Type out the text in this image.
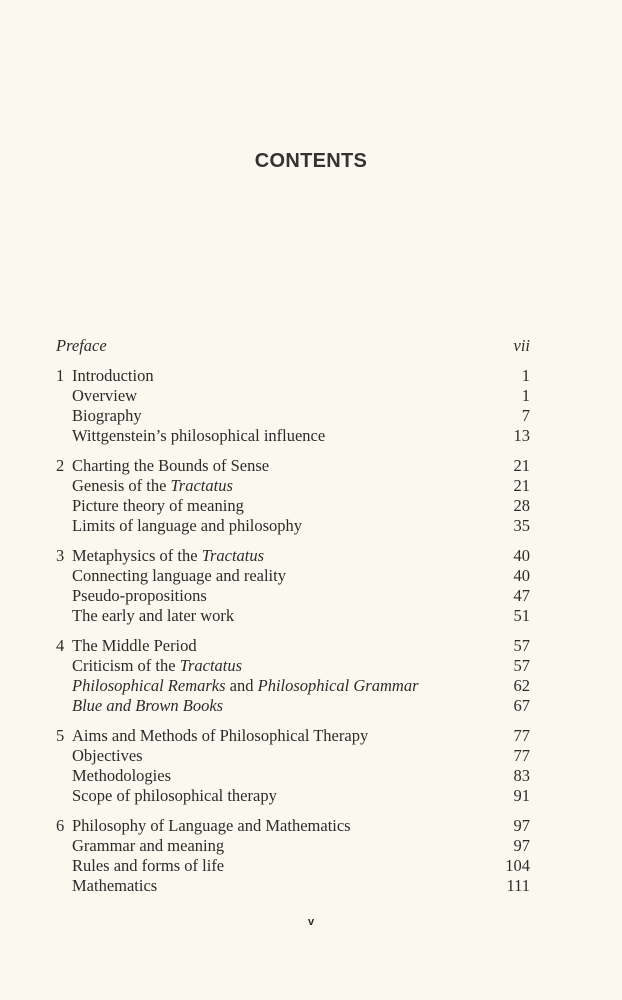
CONTENTS
Preface	vii
1 Introduction	1
Overview	1
Biography	7
Wittgenstein’s philosophical influence	13
2 Charting the Bounds of Sense	21
Genesis of the Tractatus	21
Picture theory of meaning	28
Limits of language and philosophy	35
3 Metaphysics of the Tractatus	40
Connecting language and reality	40
Pseudo-propositions	47
The early and later work	51
4 The Middle Period	57
Criticism of the Tractatus	57
Philosophical Remarks and Philosophical Grammar	62
Blue and Brown Books	67
5 Aims and Methods of Philosophical Therapy	77
Objectives	77
Methodologies	83
Scope of philosophical therapy	91
6 Philosophy of Language and Mathematics	97
Grammar and meaning	97
Rules and forms of life	104
Mathematics	111
v
